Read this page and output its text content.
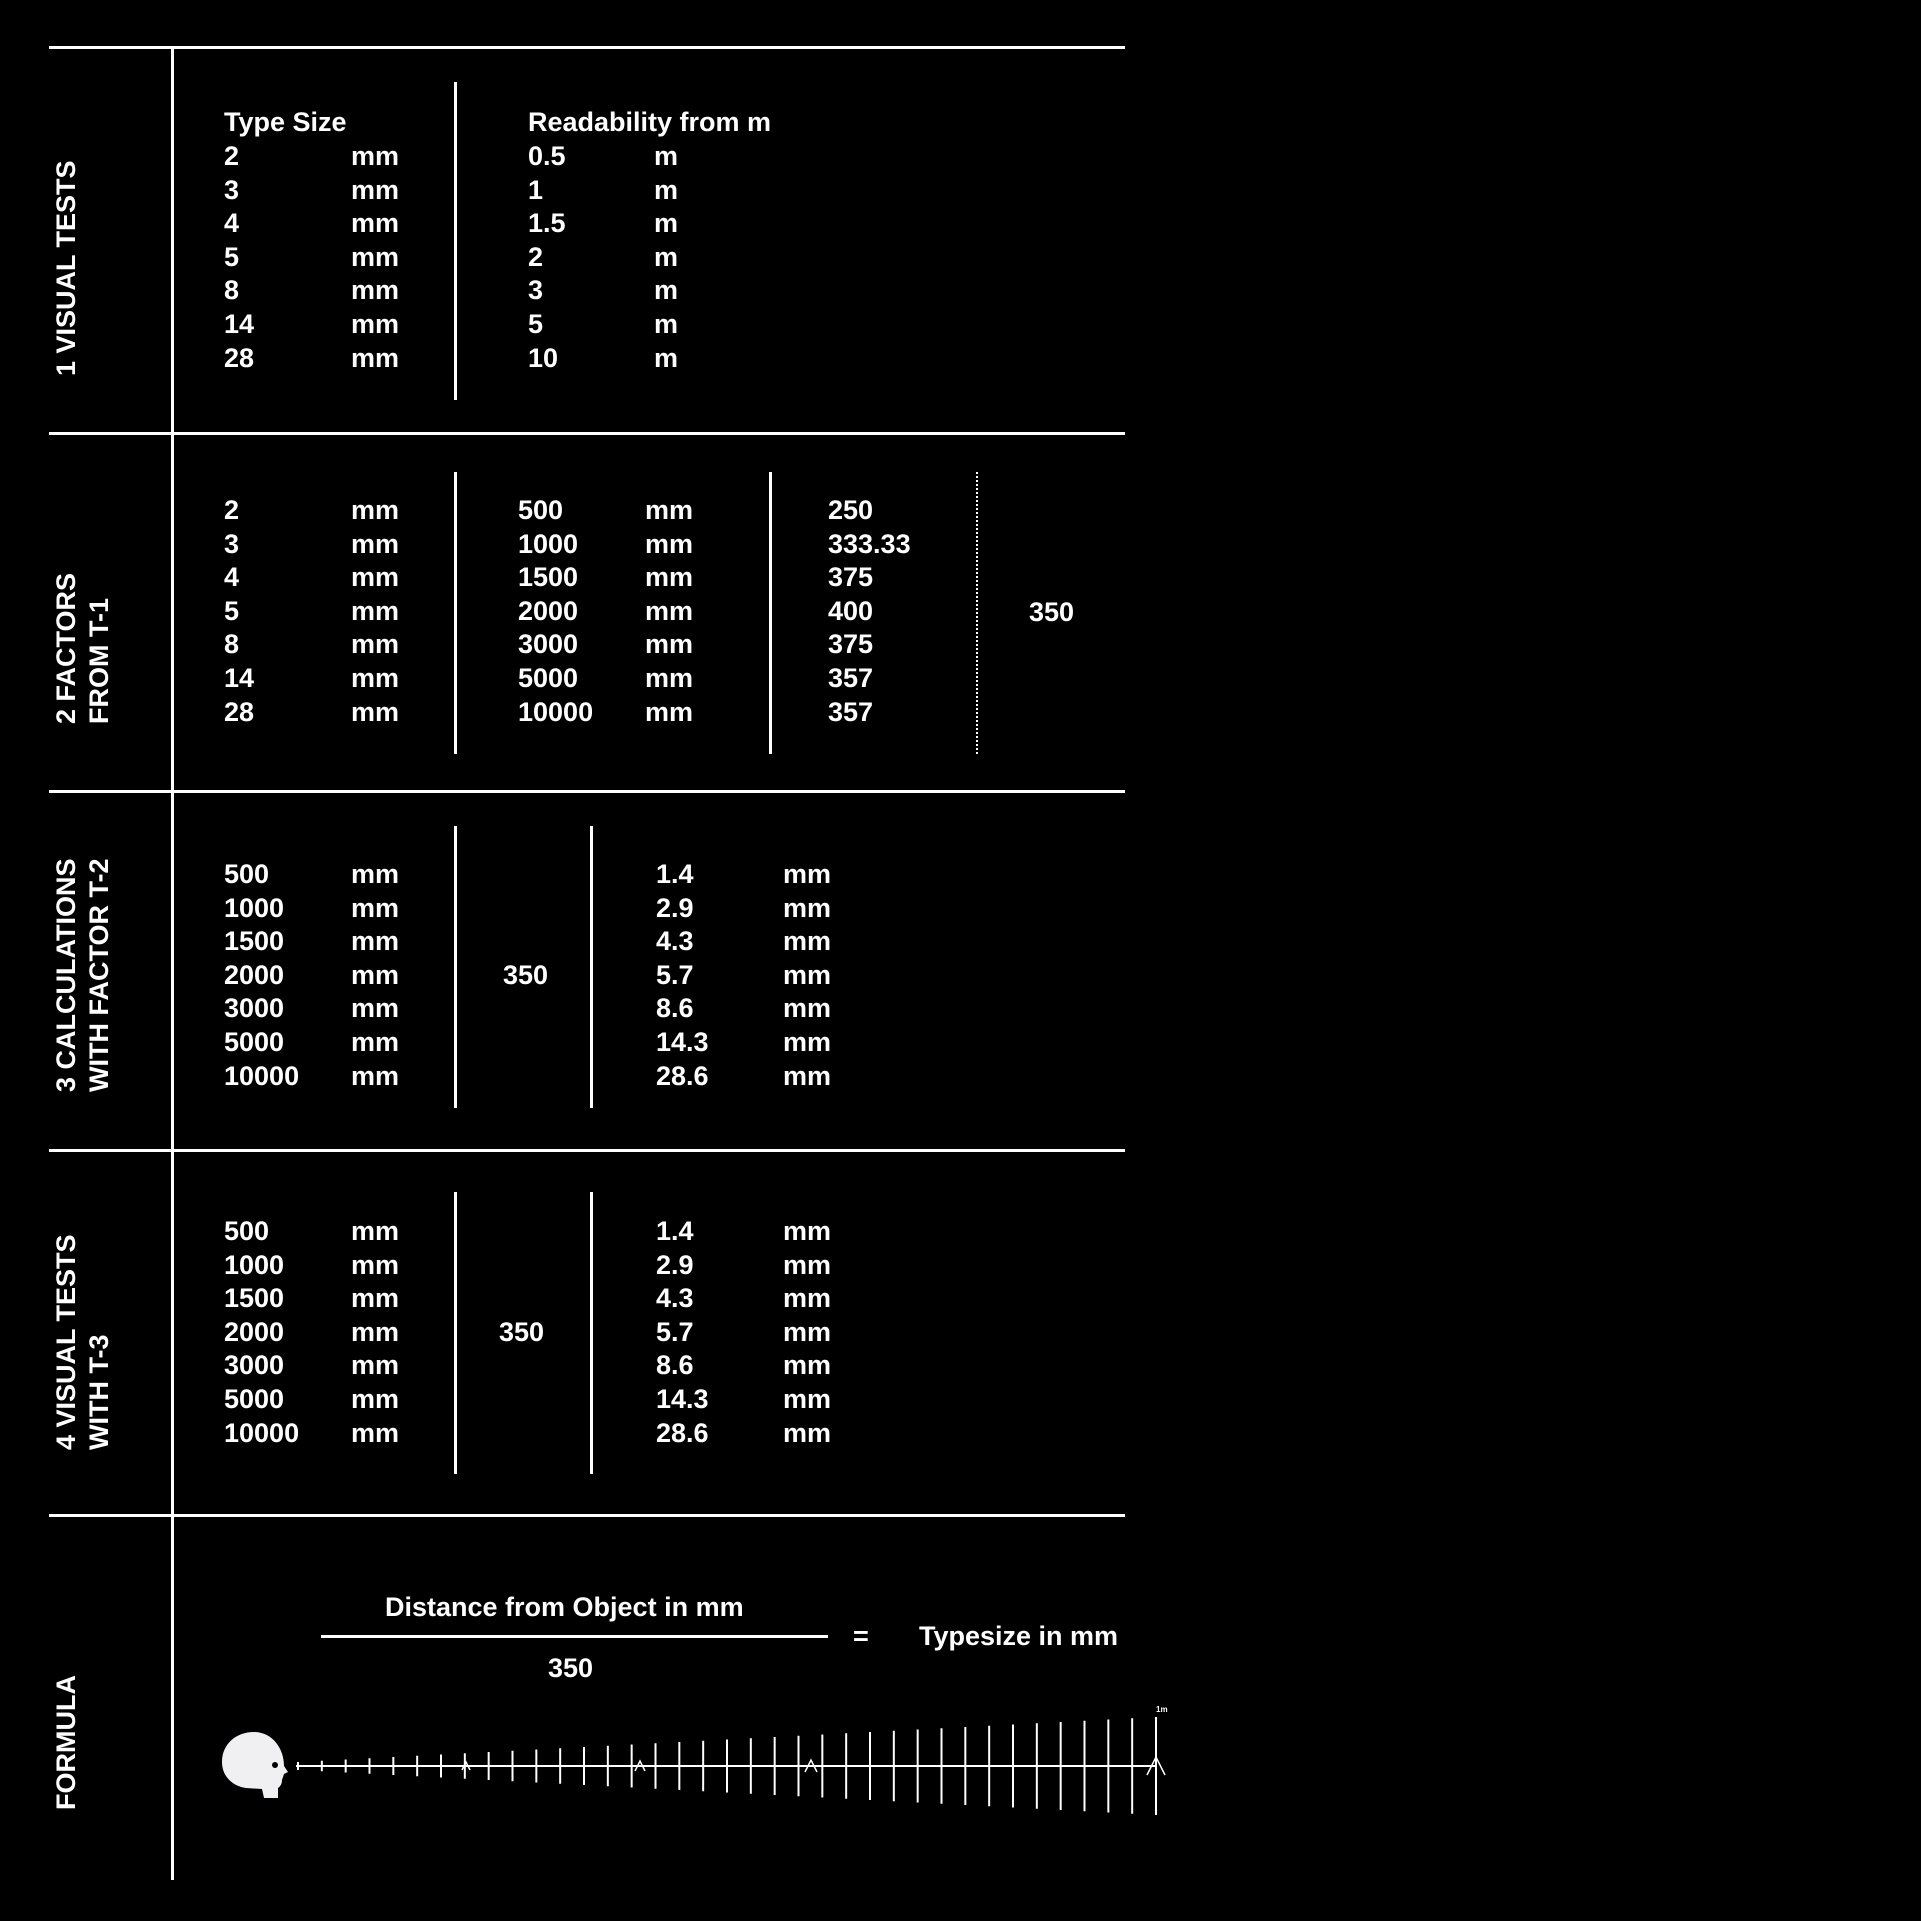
1 VISUAL TESTS
Type Size	Readability from m
2
3
4
5
8
14
28
mm
mm
mm
mm
mm
mm
mm
0.5
1
1.5
2
3
5
10
m
m
m
m
m
m
m
2 FACTORS FROM T-1
2
3
4
5
8
14
28
mm
mm
mm
mm
mm
mm
mm
500
1000
1500
2000
3000
5000
10000
mm
mm
mm
mm
mm
mm
mm
250
333.33
375
400
375
357
357
350
3 CALCULATIONS WITH FACTOR T-2	500
1000
1500
2000
3000
5000
10000
mm
mm
mm
mm
mm
mm
mm
350
1.4
2.9
4.3
5.7
8.6
14.3
28.6
mm
mm
mm
mm
mm
mm
mm
4 VISUAL TESTS WITH T-3
500
1000
1500
2000
3000
5000
10000
mm
mm
mm
mm
mm
mm
mm
350
1.4
2.9
4.3
5.7
8.6
14.3
28.6
mm
mm
mm
mm
mm
mm
mm
FORMULA
Distance from Object in mm
350
= Typesize in mm
1m
